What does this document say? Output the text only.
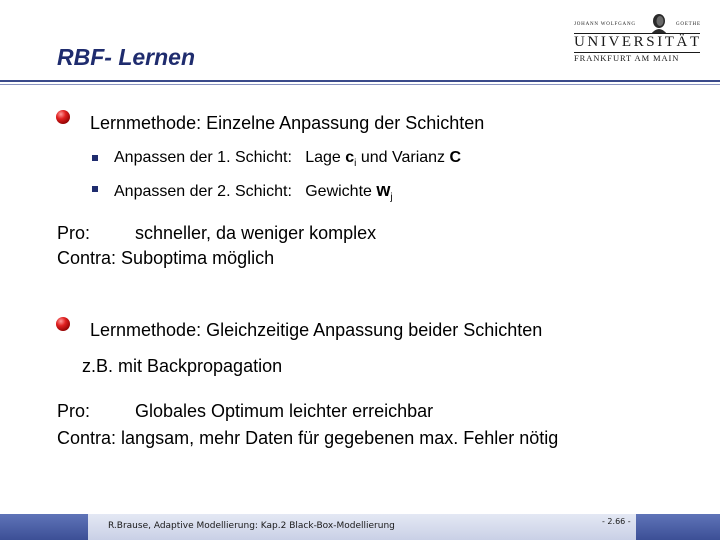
RBF- Lernen
JOHANN WOLFGANG	GOETHE
UNIVERSITÄT
FRANKFURT AM MAIN
Lernmethode: Einzelne Anpassung der Schichten
Anpassen der 1. Schicht:   Lage $c_i$ und Varianz C
Anpassen der 2. Schicht:   Gewichte $w_j$
Pro: schneller, da weniger komplex
Contra: Suboptima möglich
Lernmethode: Gleichzeitige Anpassung beider Schichten
z.B. mit Backpropagation
Pro: Globales Optimum leichter erreichbar
Contra: langsam, mehr Daten für gegebenen max. Fehler nötig
R.Brause, Adaptive Modellierung: Kap.2 Black-Box-Modellierung	- 2.66 -
